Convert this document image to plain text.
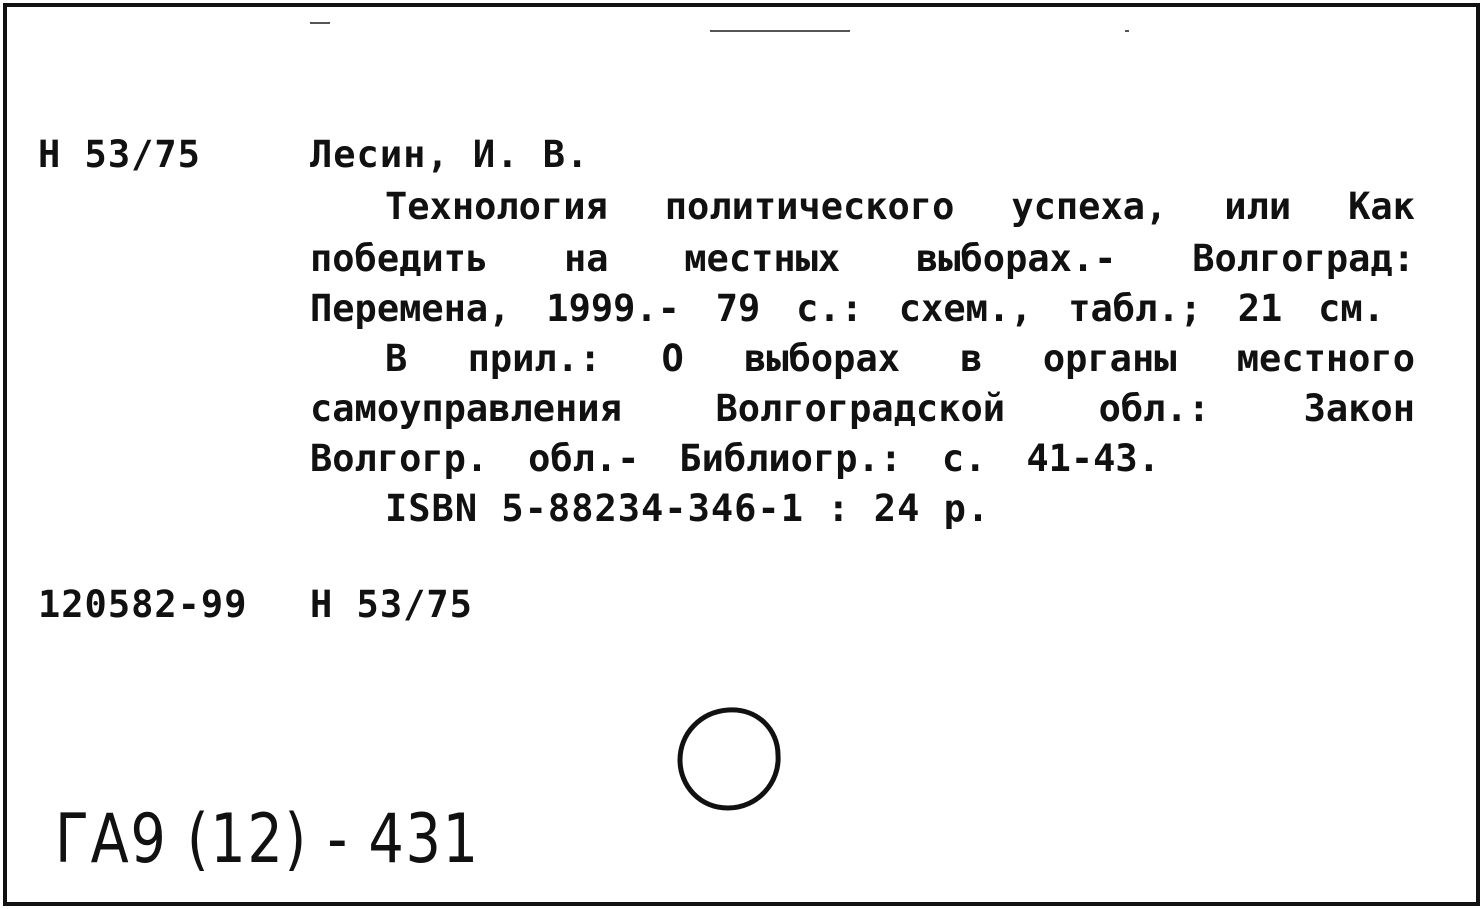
Н 53/75	Лесин, И. В.
Технология политического успеха, или Как
победить на местных выборах.- Волгоград:
Перемена, 1999.- 79 с.: схем., табл.; 21 см.
В прил.: О выборах в органы местного
самоуправления	Волгоградской	обл.:	Закон
Волгогр. обл.- Библиогр.: с. 41-43.
ISBN 5-88234-346-1 : 24 р.
120582-99 Н 53/75
ГА9 (12) - 431
